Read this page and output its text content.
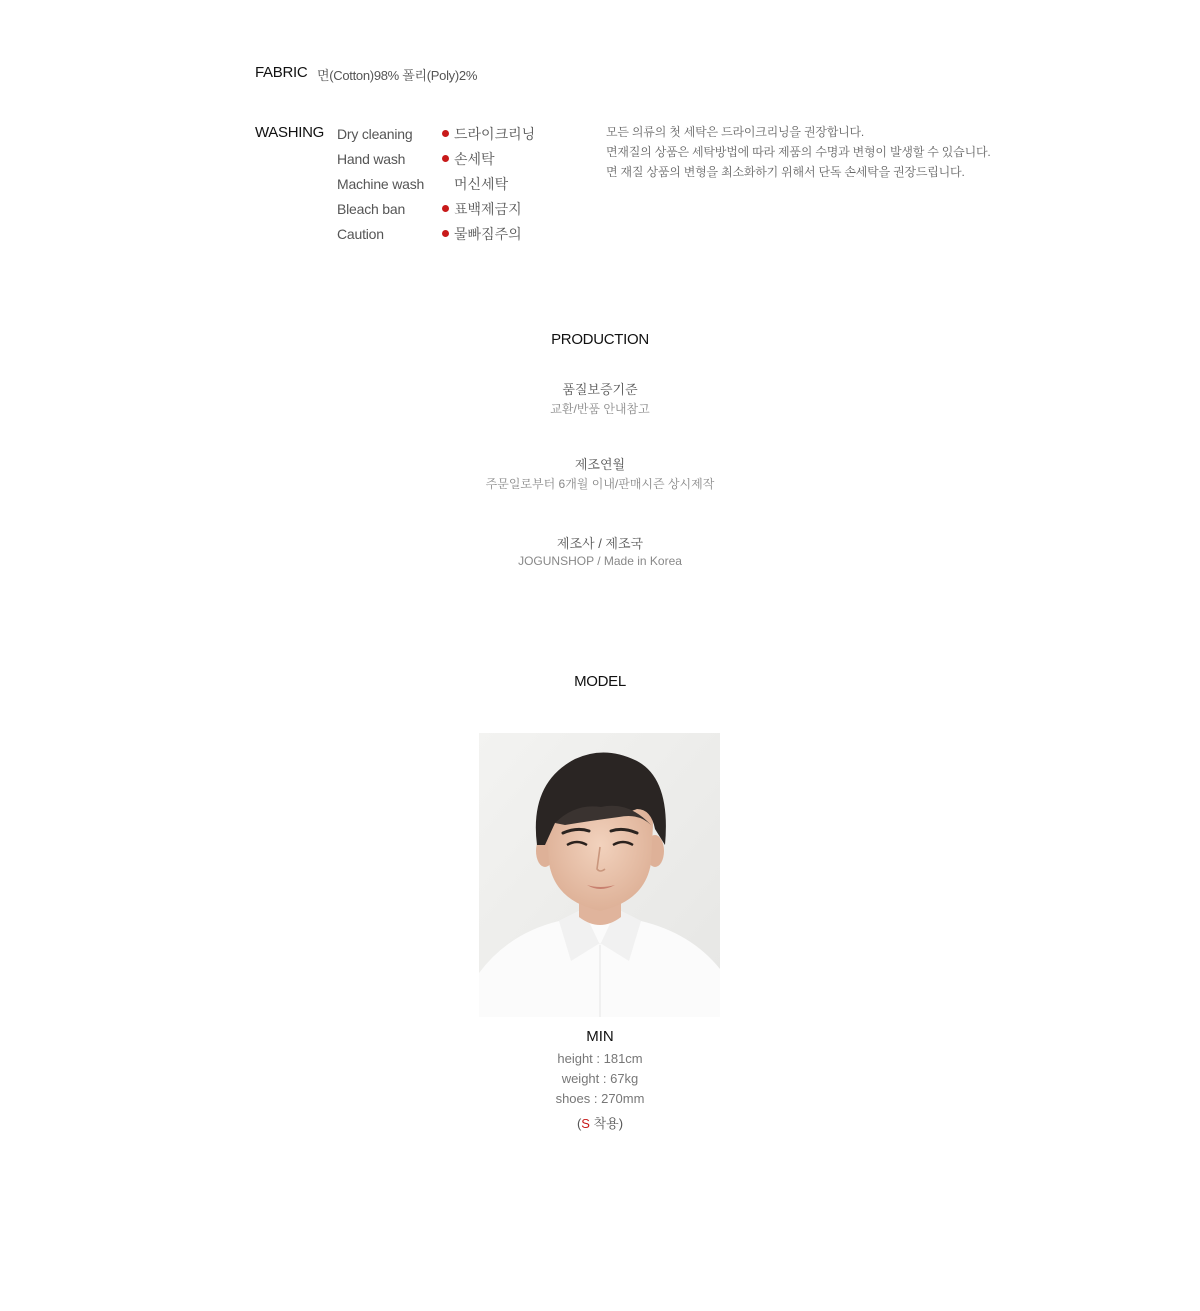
FABRIC 면(Cotton)98% 폴리(Poly)2%
WASHING Dry cleaning	드라이크리닝
Hand wash	손세탁
Machine wash	머신세탁
Bleach ban	표백제금지
Caution	물빠짐주의
모든 의류의 첫 세탁은 드라이크리닝을 권장합니다.
면재질의 상품은 세탁방법에 따라 제품의 수명과 변형이 발생할 수 있습니다.
면 재질 상품의 변형을 최소화하기 위해서 단독 손세탁을 권장드립니다.
PRODUCTION
품질보증기준
교환/반품 안내참고
제조연월
주문일로부터 6개월 이내/판매시즌 상시제작
제조사 / 제조국
JOGUNSHOP / Made in Korea
MODEL
MIN
height : 181cm
weight : 67kg
shoes : 270mm
(S 착용)
